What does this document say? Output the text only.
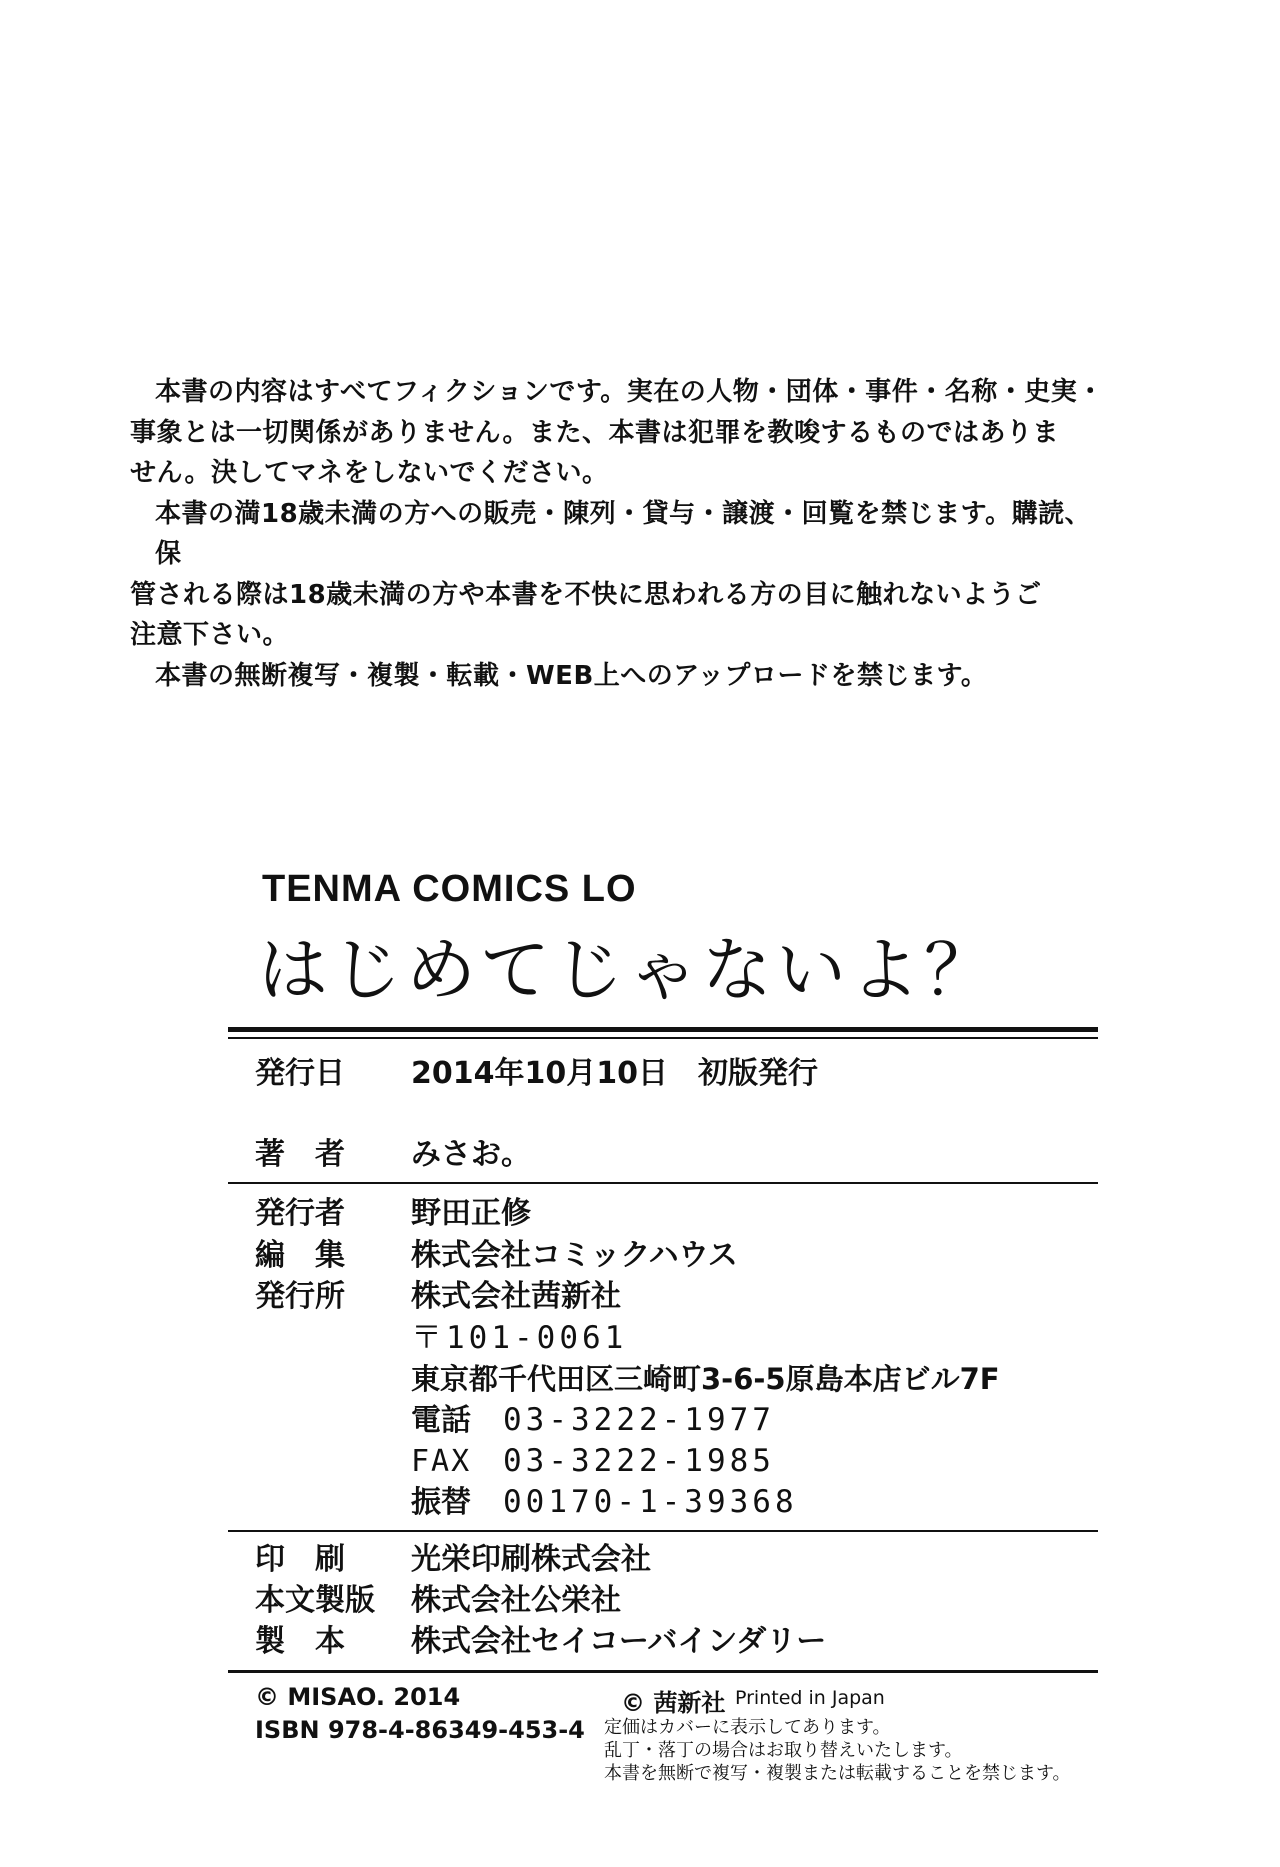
本書の内容はすべてフィクションです。実在の人物・団体・事件・名称・史実・

事象とは一切関係がありません。また、本書は犯罪を教唆するものではありま

せん。決してマネをしないでください。

本書の満18歳未満の方への販売・陳列・貸与・譲渡・回覧を禁じます。購読、保

管される際は18歳未満の方や本書を不快に思われる方の目に触れないようご

注意下さい。

本書の無断複写・複製・転載・WEB上へのアップロードを禁じます。

TENMA COMICS LO
はじめてじゃないよ？
発行日 2014年10月10日　初版発行
著　者 みさお。
発行者 野田正修
編　集 株式会社コミックハウス
発行所 株式会社茜新社
〒101-0061
東京都千代田区三崎町3-6-5原島本店ビル7F
電話 03-3222-1977
FAX 03-3222-1985
振替 00170-1-39368
印　刷 光栄印刷株式会社
本文製版 株式会社公栄社
製　本 株式会社セイコーバインダリー
© MISAO. 2014
ISBN 978-4-86349-453-4
© 茜新社 Printed in Japan
定価はカバーに表示してあります。
乱丁・落丁の場合はお取り替えいたします。
本書を無断で複写・複製または転載することを禁じます。
